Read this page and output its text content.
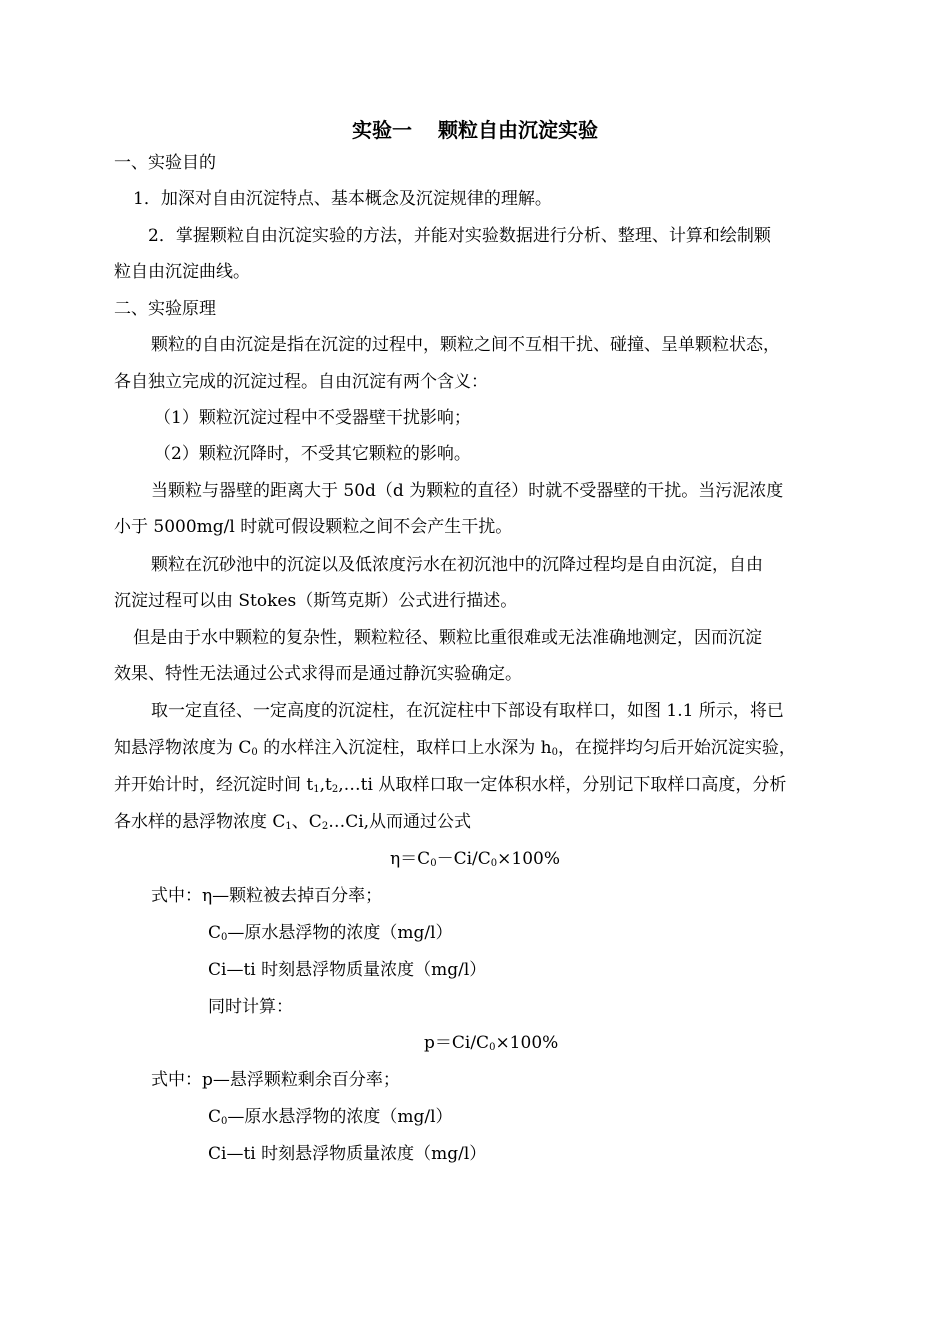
实验一 颗粒自由沉淀实验
一、实验目的
1．加深对自由沉淀特点、基本概念及沉淀规律的理解。
2．掌握颗粒自由沉淀实验的方法，并能对实验数据进行分析、整理、计算和绘制颗
粒自由沉淀曲线。
二、实验原理
颗粒的自由沉淀是指在沉淀的过程中，颗粒之间不互相干扰、碰撞、呈单颗粒状态，
各自独立完成的沉淀过程。自由沉淀有两个含义：
（1）颗粒沉淀过程中不受器壁干扰影响；
（2）颗粒沉降时，不受其它颗粒的影响。
当颗粒与器壁的距离大于 50d（d 为颗粒的直径）时就不受器壁的干扰。当污泥浓度
小于 5000mg/l 时就可假设颗粒之间不会产生干扰。
颗粒在沉砂池中的沉淀以及低浓度污水在初沉池中的沉降过程均是自由沉淀，自由
沉淀过程可以由 Stokes（斯笃克斯）公式进行描述。
但是由于水中颗粒的复杂性，颗粒粒径、颗粒比重很难或无法准确地测定，因而沉淀
效果、特性无法通过公式求得而是通过静沉实验确定。
取一定直径、一定高度的沉淀柱，在沉淀柱中下部设有取样口，如图 1.1 所示，将已
知悬浮物浓度为 $C_0$ 的水样注入沉淀柱，取样口上水深为 $h_0$，在搅拌均匀后开始沉淀实验，
并开始计时，经沉淀时间 $t_1,t_2,\dots ti$ 从取样口取一定体积水样，分别记下取样口高度，分析
各水样的悬浮物浓度 $C_1$、$C_2\dots Ci$,从而通过公式
$\eta=C_0-Ci/C_0\times 100\%$
式中：η—颗粒被去掉百分率；
$C_0—$原水悬浮物的浓度（mg/l）
Ci—ti 时刻悬浮物质量浓度（mg/l）
同时计算：
$p=Ci/C_0\times 100\%$
式中：p—悬浮颗粒剩余百分率；
$C_0—$原水悬浮物的浓度（mg/l）
Ci—ti 时刻悬浮物质量浓度（mg/l）
